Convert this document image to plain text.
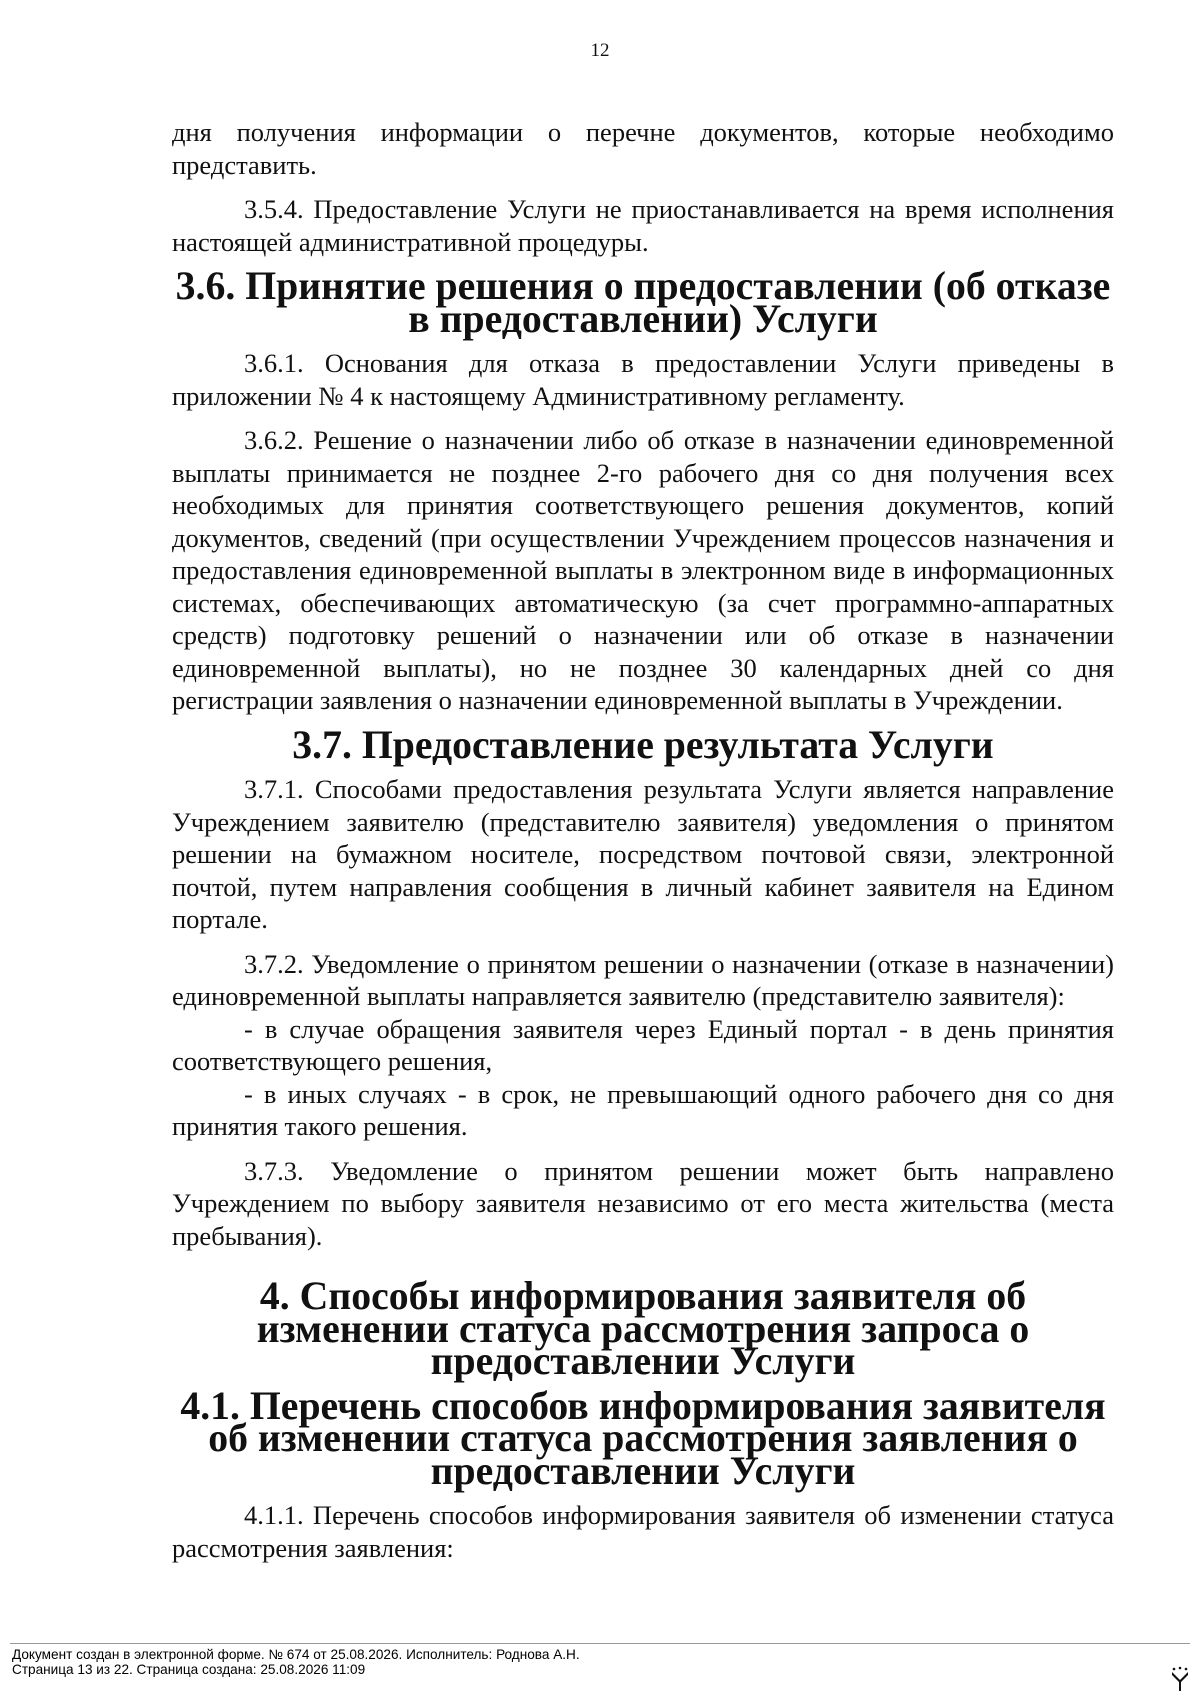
12

дня получения информации о перечне документов, которые необходимо представить.

3.5.4. Предоставление Услуги не приостанавливается на время исполнения настоящей административной процедуры.

3.6. Принятие решения о предоставлении (об отказе в предоставлении) Услуги

3.6.1. Основания для отказа в предоставлении Услуги приведены в приложении № 4 к настоящему Административному регламенту.

3.6.2. Решение о назначении либо об отказе в назначении единовременной выплаты принимается не позднее 2-го рабочего дня со дня получения всех необходимых для принятия соответствующего решения документов, копий документов, сведений (при осуществлении Учреждением процессов назначения и предоставления единовременной выплаты в электронном виде в информационных системах, обеспечивающих автоматическую (за счет программно-аппаратных средств) подготовку решений о назначении или об отказе в назначении единовременной выплаты), но не позднее 30 календарных дней со дня регистрации заявления о назначении единовременной выплаты в Учреждении.

3.7. Предоставление результата Услуги

3.7.1. Способами предоставления результата Услуги является направление Учреждением заявителю (представителю заявителя) уведомления о принятом решении на бумажном носителе, посредством почтовой связи, электронной почтой, путем направления сообщения в личный кабинет заявителя на Едином портале.

3.7.2. Уведомление о принятом решении о назначении (отказе в назначении) единовременной выплаты направляется заявителю (представителю заявителя):

- в случае обращения заявителя через Единый портал - в день принятия соответствующего решения,

- в иных случаях - в срок, не превышающий одного рабочего дня со дня принятия такого решения.

3.7.3. Уведомление о принятом решении может быть направлено Учреждением по выбору заявителя независимо от его места жительства (места пребывания).

4. Способы информирования заявителя об изменении статуса рассмотрения запроса о предоставлении Услуги
4.1. Перечень способов информирования заявителя об изменении статуса рассмотрения заявления о предоставлении Услуги

4.1.1. Перечень способов информирования заявителя об изменении статуса рассмотрения заявления:

Документ создан в электронной форме. № 674 от 25.08.2026. Исполнитель: Роднова А.Н.
Страница 13 из 22. Страница создана: 25.08.2026 11:09
